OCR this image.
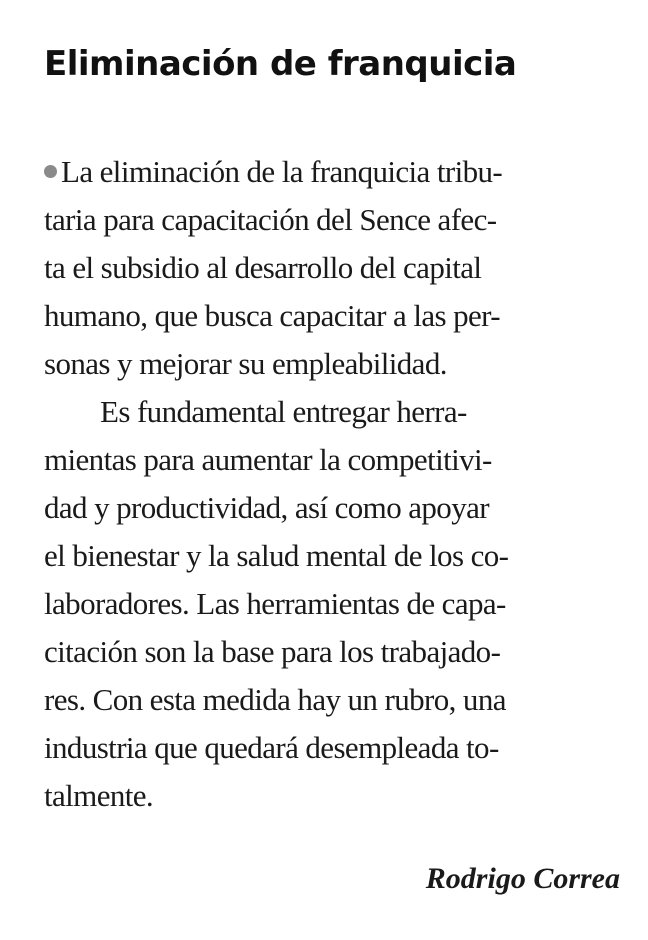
Eliminación de franquicia
La eliminación de la franquicia tribu-
taria para capacitación del Sence afec-
ta el subsidio al desarrollo del capital
humano, que busca capacitar a las per-
sonas y mejorar su empleabilidad.
Es fundamental entregar herra-
mientas para aumentar la competitivi-
dad y productividad, así como apoyar
el bienestar y la salud mental de los co-
laboradores. Las herramientas de capa-
citación son la base para los trabajado-
res. Con esta medida hay un rubro, una
industria que quedará desempleada to-
talmente.

Rodrigo Correa
